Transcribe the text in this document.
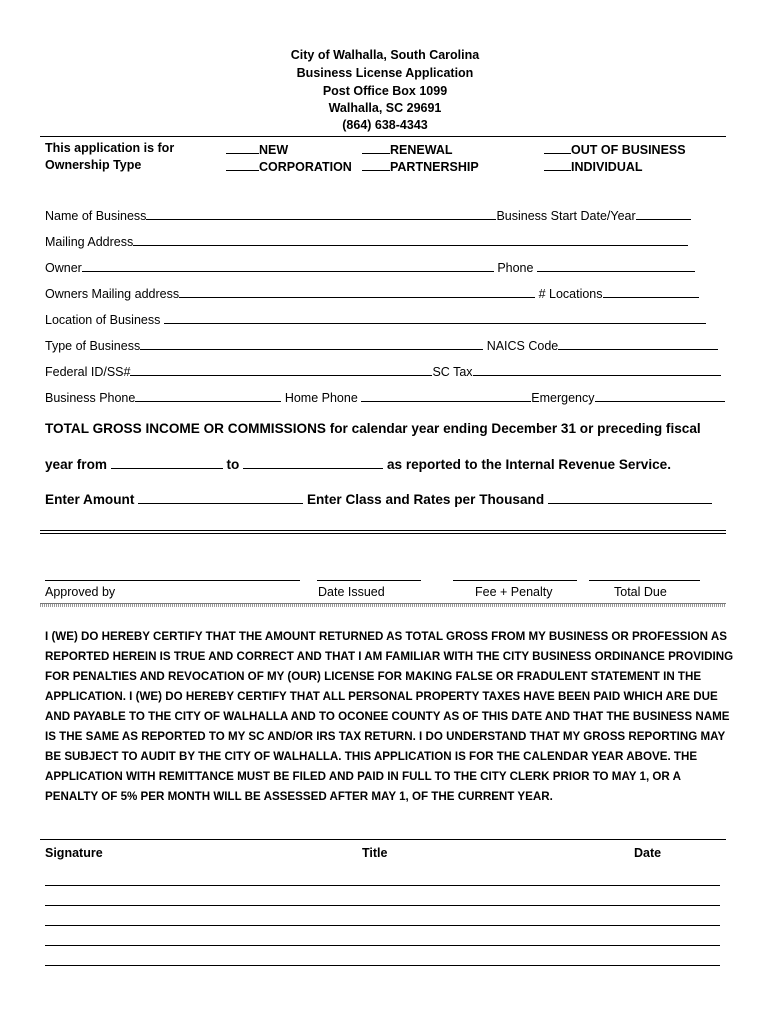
City of Walhalla, South Carolina
Business License Application
Post Office Box 1099
Walhalla, SC 29691
(864) 638-4343
This application is for
Ownership Type
NEW	RENEWAL	OUT OF BUSINESS
CORPORATION	PARTNERSHIP	INDIVIDUAL
Name of Business	Business Start Date/Year
Mailing Address
Owner	Phone
Owners Mailing address	# Locations
Location of Business
Type of Business	NAICS Code
Federal ID/SS#	SC Tax
Business Phone	Home Phone	Emergency
TOTAL GROSS INCOME OR COMMISSIONS for calendar year ending December 31 or preceding fiscal
year from	to	as reported to the Internal Revenue Service.
Enter Amount	Enter Class and Rates per Thousand
Approved by	Date Issued	Fee + Penalty	Total Due
I (WE) DO HEREBY CERTIFY THAT THE AMOUNT RETURNED AS TOTAL GROSS FROM MY BUSINESS OR PROFESSION AS REPORTED HEREIN IS TRUE AND CORRECT AND THAT I AM FAMILIAR WITH THE CITY BUSINESS ORDINANCE PROVIDING FOR PENALTIES AND REVOCATION OF MY (OUR) LICENSE FOR MAKING FALSE OR FRADULENT STATEMENT IN THE APPLICATION. I (WE) DO HEREBY CERTIFY THAT ALL PERSONAL PROPERTY TAXES HAVE BEEN PAID WHICH ARE DUE AND PAYABLE TO THE CITY OF WALHALLA AND TO OCONEE COUNTY AS OF THIS DATE AND THAT THE BUSINESS NAME IS THE SAME AS REPORTED TO MY SC AND/OR IRS TAX RETURN. I DO UNDERSTAND THAT MY GROSS REPORTING MAY BE SUBJECT TO AUDIT BY THE CITY OF WALHALLA. THIS APPLICATION IS FOR THE CALENDAR YEAR ABOVE. THE APPLICATION WITH REMITTANCE MUST BE FILED AND PAID IN FULL TO THE CITY CLERK PRIOR TO MAY 1, OR A PENALTY OF 5% PER MONTH WILL BE ASSESSED AFTER MAY 1, OF THE CURRENT YEAR.
Signature	Title	Date
